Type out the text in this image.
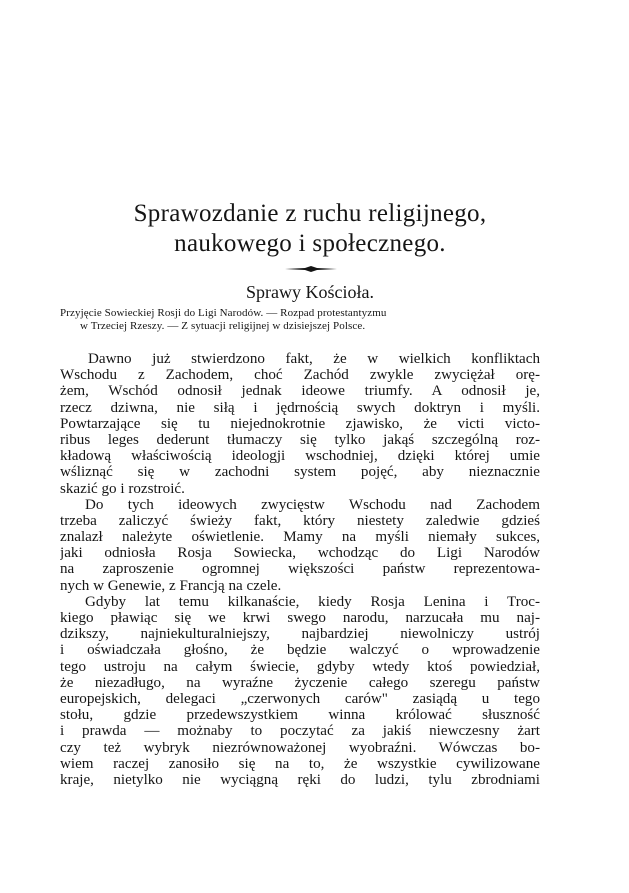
Sprawozdanie z ruchu religijnego,
naukowego i społecznego.
Sprawy Kościoła.
Przyjęcie Sowieckiej Rosji do Ligi Narodów. — Rozpad protestantyzmu
w Trzeciej Rzeszy. — Z sytuacji religijnej w dzisiejszej Polsce.
Dawno już stwierdzono fakt, że w wielkich konfliktach
Wschodu z Zachodem, choć Zachód zwykle zwyciężał orę-
żem, Wschód odnosił jednak ideowe triumfy. A odnosił je,
rzecz dziwna, nie siłą i jędrnością swych doktryn i myśli.
Powtarzające się tu niejednokrotnie zjawisko, że victi victo-
ribus leges dederunt tłumaczy się tylko jakąś szczególną roz-
kładową właściwością ideologji wschodniej, dzięki której umie
wśliznąć się w zachodni system pojęć, aby nieznacznie
skazić go i rozstroić.
Do tych ideowych zwycięstw Wschodu nad Zachodem
trzeba zaliczyć świeży fakt, który niestety zaledwie gdzieś
znalazł należyte oświetlenie. Mamy na myśli niemały sukces,
jaki odniosła Rosja Sowiecka, wchodząc do Ligi Narodów
na zaproszenie ogromnej większości państw reprezentowa-
nych w Genewie, z Francją na czele.
Gdyby lat temu kilkanaście, kiedy Rosja Lenina i Troc-
kiego pławiąc się we krwi swego narodu, narzucała mu naj-
dzikszy, najniekulturalniejszy, najbardziej niewolniczy ustrój
i oświadczała głośno, że będzie walczyć o wprowadzenie
tego ustroju na całym świecie, gdyby wtedy ktoś powiedział,
że niezadługo, na wyraźne życzenie całego szeregu państw
europejskich, delegaci „czerwonych carów" zasiądą u tego
stołu, gdzie przedewszystkiem winna królować słuszność
i prawda — możnaby to poczytać za jakiś niewczesny żart
czy też wybryk niezrównoważonej wyobraźni. Wówczas bo-
wiem raczej zanosiło się na to, że wszystkie cywilizowane
kraje, nietylko nie wyciągną ręki do ludzi, tylu zbrodniami
